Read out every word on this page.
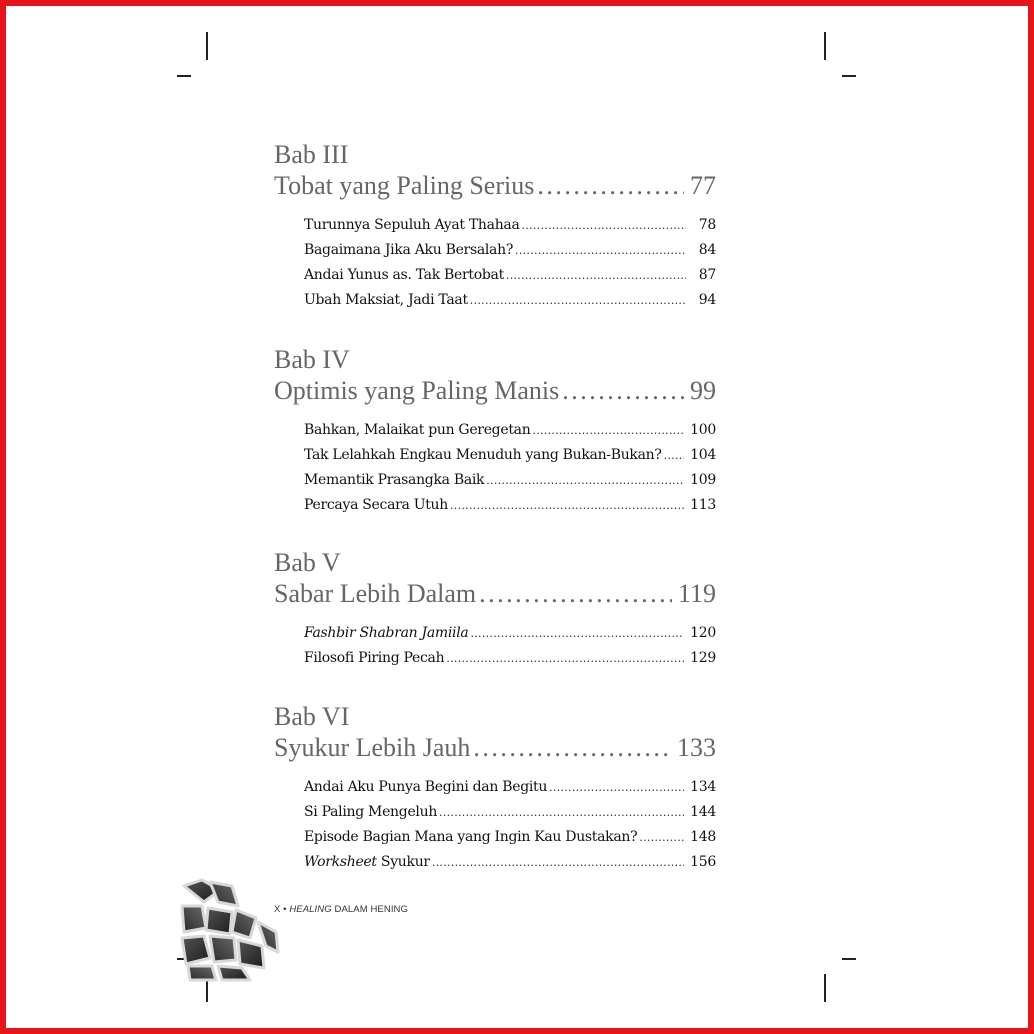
Bab III
Tobat yang Paling Serius . . .	77
Turunnya Sepuluh Ayat Thahaa . . .	78
Bagaimana Jika Aku Bersalah? . . .	84
Andai Yunus as. Tak Bertobat . . .	87
Ubah Maksiat, Jadi Taat . . .	94
Bab IV
Optimis yang Paling Manis . . .	99
Bahkan, Malaikat pun Geregetan . . .	100
Tak Lelahkah Engkau Menuduh yang Bukan-Bukan? . . . 104
Memantik Prasangka Baik . . .	109
Percaya Secara Utuh . . .	113
Bab V
Sabar Lebih Dalam . . .	119
Fashbir Shabran Jamiila . . .	120
Filosofi Piring Pecah . . .	129
Bab VI
Syukur Lebih Jauh . . .	133
Andai Aku Punya Begini dan Begitu . . .	134
Si Paling Mengeluh . . .	144
Episode Bagian Mana yang Ingin Kau Dustakan? . . .	148
Worksheet Syukur . . .	156
X • HEALING DALAM HENING
